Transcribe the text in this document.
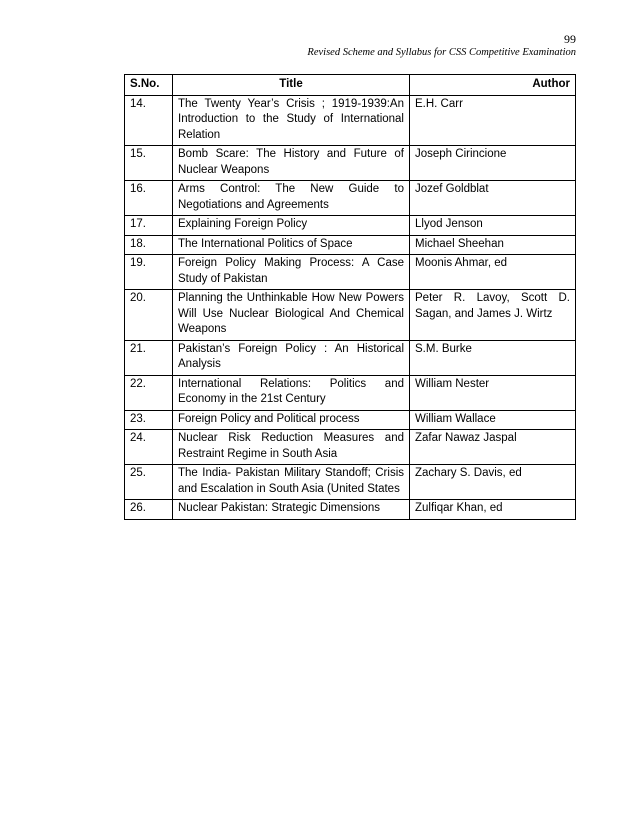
99
Revised Scheme and Syllabus for CSS Competitive Examination
S.No.	Title	Author
14.	The Twenty Year’s Crisis ; 1919-1939:An Introduction to the Study of International Relation	E.H. Carr
15.	Bomb Scare: The History and Future of Nuclear Weapons	Joseph Cirincione
16.	Arms Control: The New Guide to Negotiations and Agreements	Jozef Goldblat
17.	Explaining Foreign Policy	Llyod Jenson
18.	The International Politics of Space	Michael Sheehan
19.	Foreign Policy Making Process: A Case Study of Pakistan	Moonis Ahmar, ed
20.	Planning the Unthinkable How New Powers Will Use Nuclear Biological And Chemical Weapons	Peter R. Lavoy, Scott D. Sagan, and James J. Wirtz
21.	Pakistan’s Foreign Policy : An Historical Analysis	S.M. Burke
22.	International Relations: Politics and Economy in the 21st Century	William Nester
23.	Foreign Policy and Political process	William Wallace
24.	Nuclear Risk Reduction Measures and Restraint Regime in South Asia	Zafar Nawaz Jaspal
25.	The India- Pakistan Military Standoff; Crisis and Escalation in South Asia (United States	Zachary S. Davis, ed
26.	Nuclear Pakistan: Strategic Dimensions	Zulfiqar Khan, ed
